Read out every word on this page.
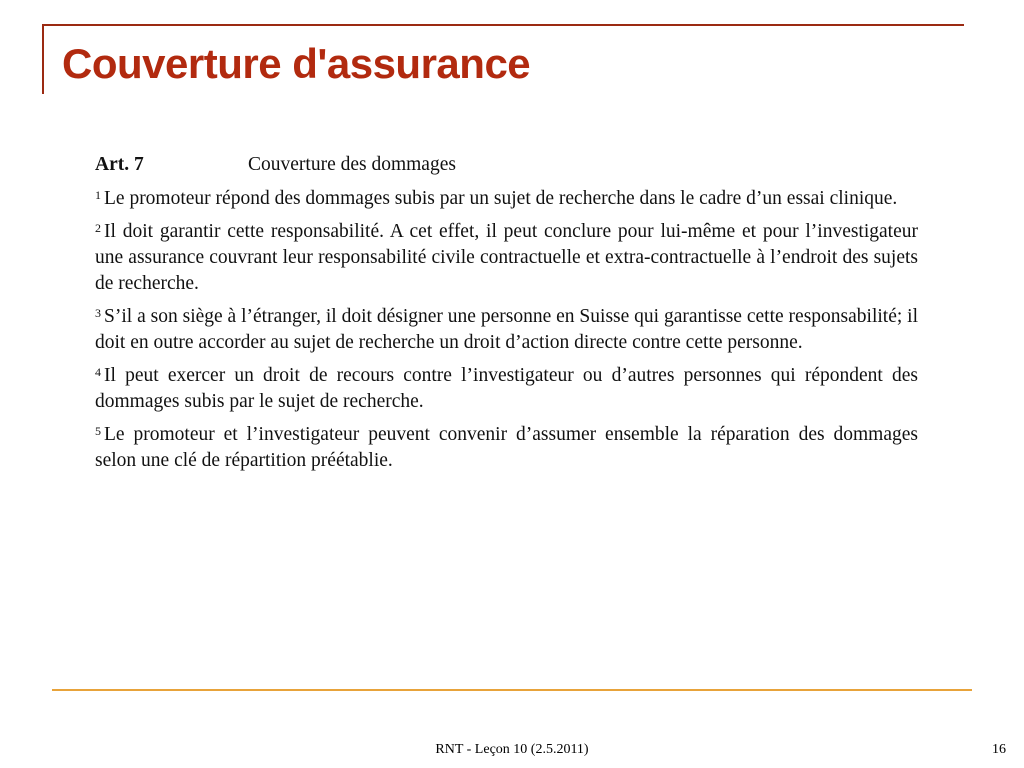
Couverture d'assurance
Art. 7	Couverture des dommages
$^1$ Le promoteur répond des dommages subis par un sujet de recherche dans le cadre d’un essai clinique.
$^2$ Il doit garantir cette responsabilité. A cet effet, il peut conclure pour lui-même et pour l’investigateur une assurance couvrant leur responsabilité civile contractuelle et extra-contractuelle à l’endroit des sujets de recherche.
$^3$ S’il a son siège à l’étranger, il doit désigner une personne en Suisse qui garantisse cette responsabilité; il doit en outre accorder au sujet de recherche un droit d’action directe contre cette personne.
$^4$ Il peut exercer un droit de recours contre l’investigateur ou d’autres personnes qui répondent des dommages subis par le sujet de recherche.
$^5$ Le promoteur et l’investigateur peuvent convenir d’assumer ensemble la réparation des dommages selon une clé de répartition préétablie.
RNT - Leçon 10 (2.5.2011)	16
